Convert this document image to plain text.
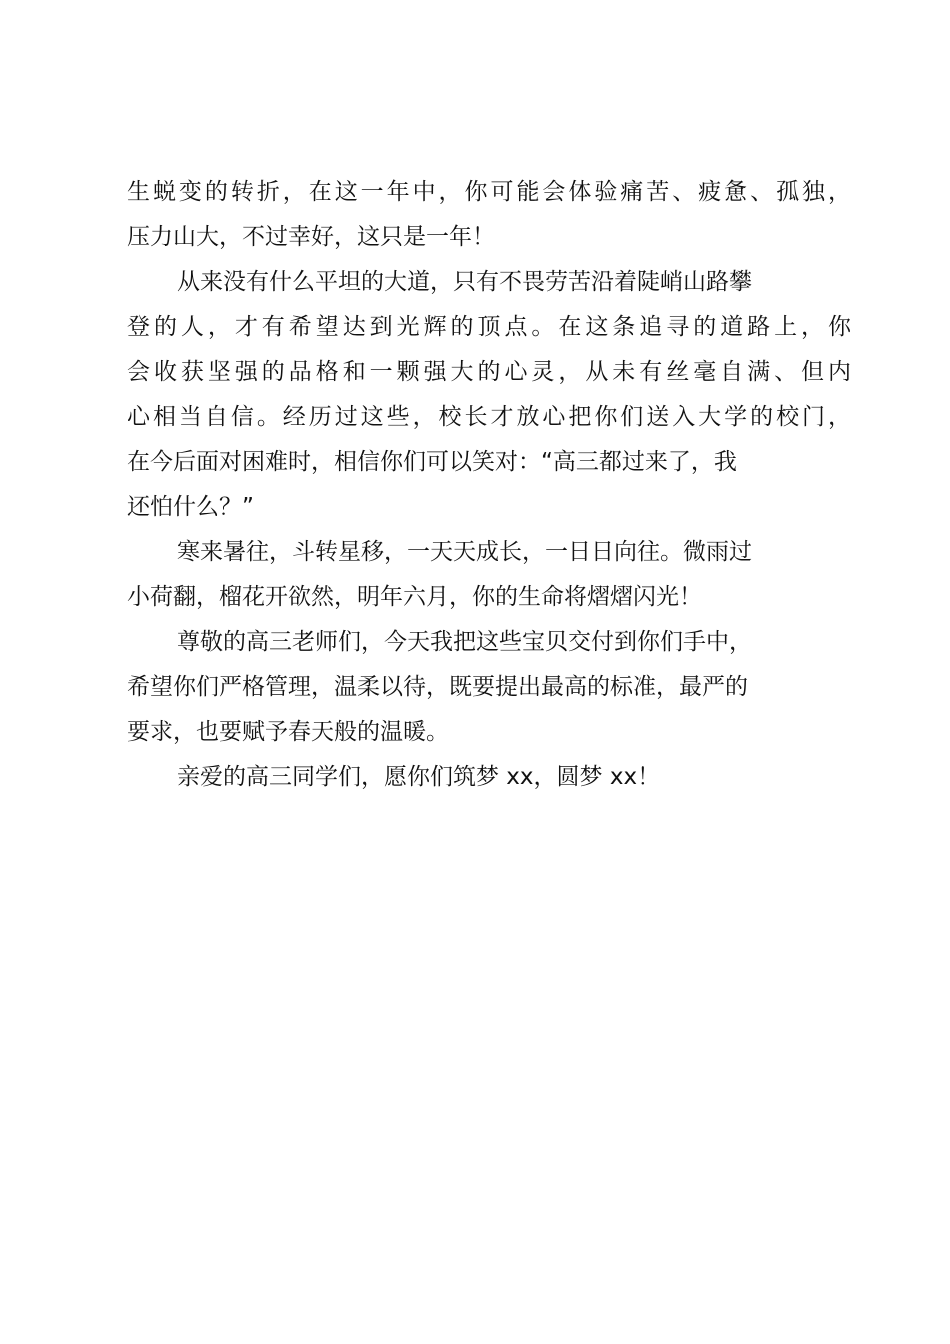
生蜕变的转折，在这一年中，你可能会体验痛苦、疲惫、孤独，
压力山大，不过幸好，这只是一年！
从来没有什么平坦的大道，只有不畏劳苦沿着陡峭山路攀
登的人，才有希望达到光辉的顶点。在这条追寻的道路上，你
会收获坚强的品格和一颗强大的心灵，从未有丝毫自满、但内
心相当自信。经历过这些，校长才放心把你们送入大学的校门，
在今后面对困难时，相信你们可以笑对：“高三都过来了，我
还怕什么？”
寒来暑往，斗转星移，一天天成长，一日日向往。微雨过
小荷翻，榴花开欲然，明年六月，你的生命将熠熠闪光！
尊敬的高三老师们，今天我把这些宝贝交付到你们手中，
希望你们严格管理，温柔以待，既要提出最高的标准，最严的
要求，也要赋予春天般的温暖。
亲爱的高三同学们，愿你们筑梦 xx，圆梦 xx！
